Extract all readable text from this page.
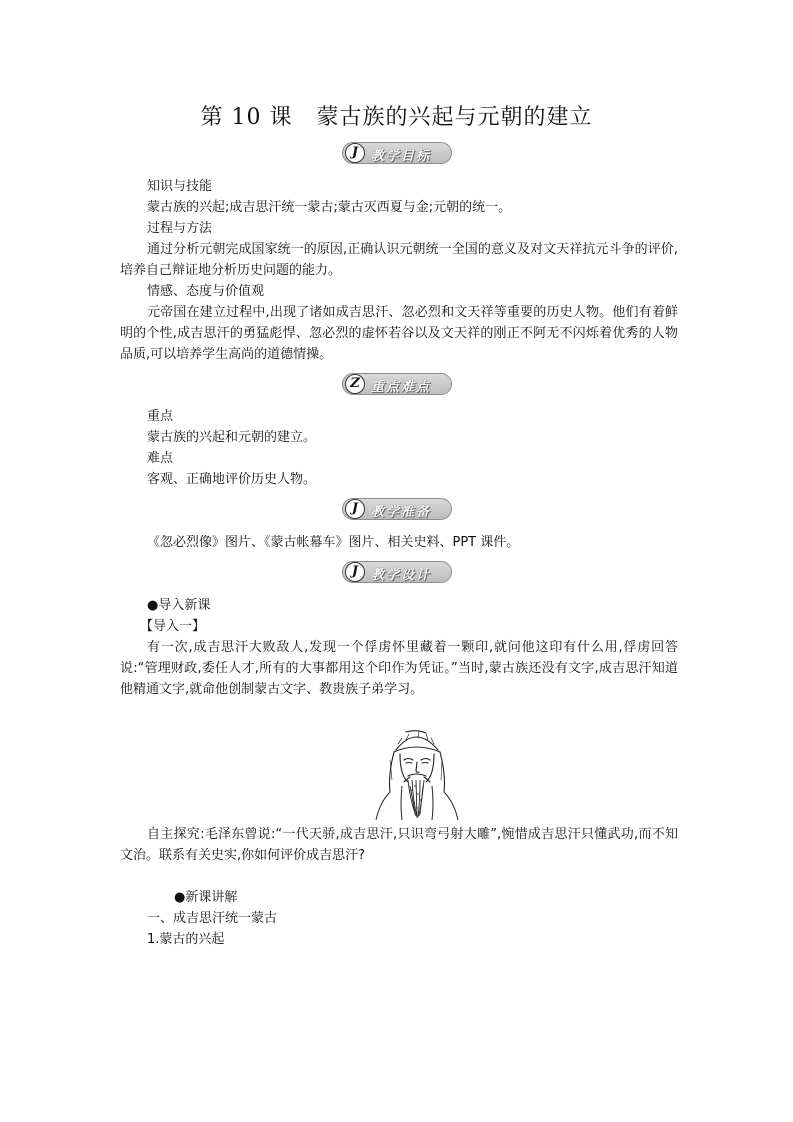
第 10 课 蒙古族的兴起与元朝的建立
J 教学目标
知识与技能
蒙古族的兴起;成吉思汗统一蒙古;蒙古灭西夏与金;元朝的统一。
过程与方法
通过分析元朝完成国家统一的原因,正确认识元朝统一全国的意义及对文天祥抗元斗争的评价,培养自己辩证地分析历史问题的能力。
情感、态度与价值观
元帝国在建立过程中,出现了诸如成吉思汗、忽必烈和文天祥等重要的历史人物。他们有着鲜明的个性,成吉思汗的勇猛彪悍、忽必烈的虚怀若谷以及文天祥的刚正不阿无不闪烁着优秀的人物品质,可以培养学生高尚的道德情操。
Z 重点难点
重点
蒙古族的兴起和元朝的建立。
难点
客观、正确地评价历史人物。
J 教学准备
《忽必烈像》图片、《蒙古帐幕车》图片、相关史料、PPT 课件。
J 教学设计
●导入新课
【导入一】
有一次,成吉思汗大败敌人,发现一个俘虏怀里藏着一颗印,就问他这印有什么用,俘虏回答说:“管理财政,委任人才,所有的大事都用这个印作为凭证。”当时,蒙古族还没有文字,成吉思汗知道他精通文字,就命他创制蒙古文字、教贵族子弟学习。
自主探究:毛泽东曾说:“一代天骄,成吉思汗,只识弯弓射大雕”,惋惜成吉思汗只懂武功,而不知文治。联系有关史实,你如何评价成吉思汗?
●新课讲解
一、成吉思汗统一蒙古
1.蒙古的兴起
